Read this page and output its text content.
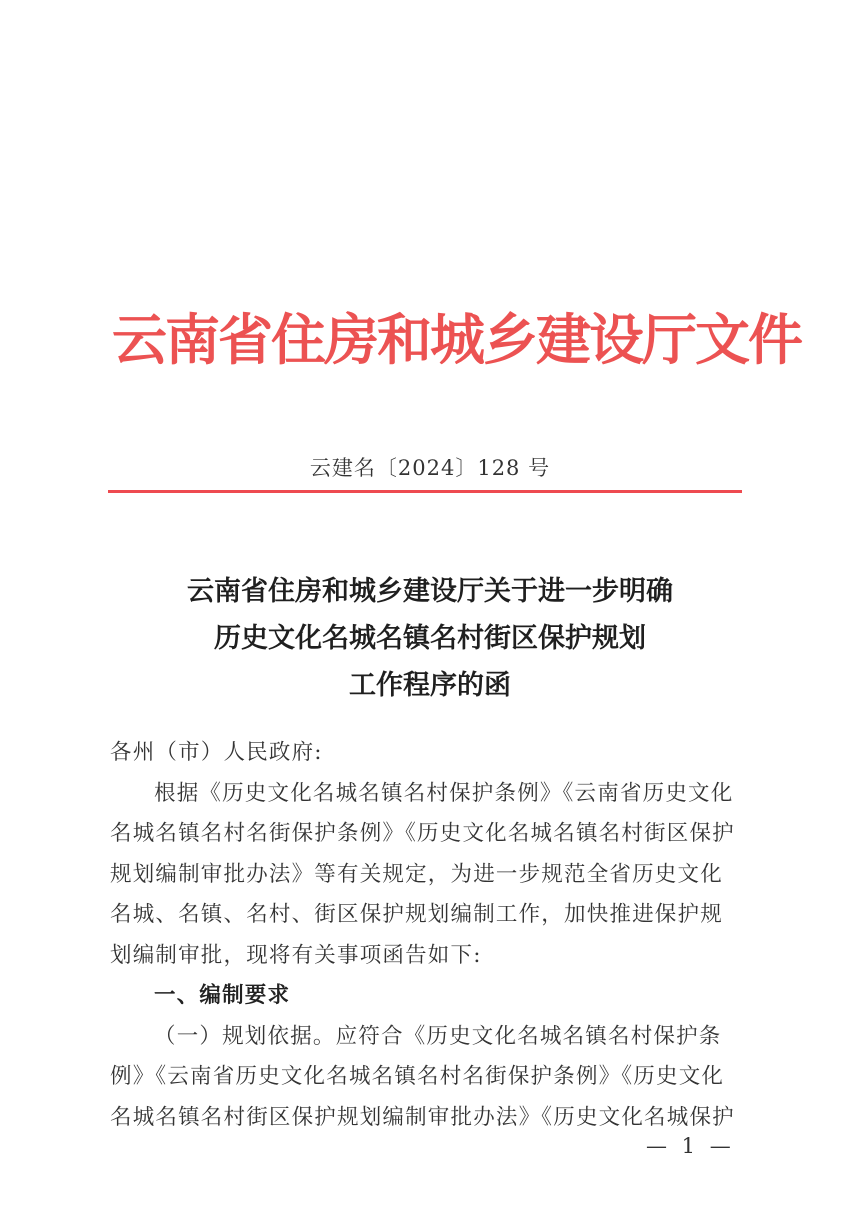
云南省住房和城乡建设厅文件
云建名〔2024〕128 号
云南省住房和城乡建设厅关于进一步明确
历史文化名城名镇名村街区保护规划
工作程序的函
各州（市）人民政府:
根据《历史文化名城名镇名村保护条例》《云南省历史文化
名城名镇名村名街保护条例》《历史文化名城名镇名村街区保护
规划编制审批办法》等有关规定，为进一步规范全省历史文化
名城、名镇、名村、街区保护规划编制工作，加快推进保护规
划编制审批，现将有关事项函告如下:
一、编制要求
（一）规划依据。应符合《历史文化名城名镇名村保护条
例》《云南省历史文化名城名镇名村名街保护条例》《历史文化
名城名镇名村街区保护规划编制审批办法》《历史文化名城保护
— 1 —
